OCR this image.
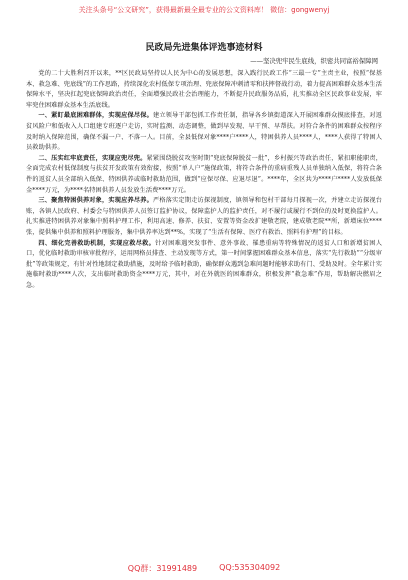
关注头条号“公文研究”，获得最新最全最专业的公文资料库！ 微信：gongwenyj
民政局先进集体评选事迹材料
——坚决兜牢民生底线，织密共同富裕保障网

党的二十大胜利召开以来，**区民政局坚持以人民为中心的发展思想，深入践行民政工作“三最一专”主责主业，按照“保基本、救急难、兜底线”的工作思路，持续深化农村低保专项治理、兜底保障冲刺清零和扶摔督战行动，着力提高困难群众基本生活保障水平，坚决扛起兜底保障政治责任，全面增强民政社会治理能力，不断提升民政服务品质，扎实推动全区民政事业发展，牢牢兜住困难群众基本生活底线。

一、紧盯最底困难群体，实现应保尽保。建立领导干部包抓工作责任制，指导各乡镇街道深入开展困难群众摸底排查，对返贫风险户和低收入人口组建专班逐户走访，实时监测、动态调整，做到早发现、早干预、早帮扶。对符合条件的困难群众按程序及时纳入保障范围，确保不漏一户、不落一人。目前，全县低保对象****户****人，特困供养人员****人，****人获得了特困人员救助供养。

二、压实红牢底责任，实现应兜尽兜。紧紧围绕脱贫攻坚时期“兜底保障脱贫一批”，乡村振兴等政治责任，紧扣职能职责，全面完成农村低保制度与扶贫开发政策有效衔接，按照“单人户”施保政策，将符合条件的重病重残人员单独纳入低保，将符合条件的返贫人员全部纳入低保、特困供养或临时救助范围，做到“应保尽保、应退尽退”。****年，全区共为****户****人发放低保金****万元，为****名特困供养人员发放生活费****万元。

三、聚焦特困供养对象，实现应养尽养。严格落实定期走访探视制度，镇领导和包村干部每月探视一次，并建立走访探视台账，各镇人民政府、村委会与特困供养人员签订监护协议，保障监护人的监护责任，对不履行或履行不到位的及时更换监护人。扎实推进特困供养对象集中照料护理工作，利用高速、修养、扶贫、安置等资金改扩建敬老院，建成敬老院**所，新增床位****张，提供集中供养和照料护理服务，集中供养率达到**%，实现了“生活有保障、医疗有救治、照料有护理”的目标。

四、细化完善救助机制，实现应救尽救。针对困难遇突发事件、意外事故、罹患重病等特殊情况的返贫人口和新增贫困人口，优化临时救助审核审批程序，运用网格员排查、主动发现等方式，第一时间掌握困难群众基本信息，落实“先行救助”“分级审批”等政策规定，有针对性地制定救助措施，及时给予临时救助，确保群众遇到急难问题时能够求助有门、受助及时。全年累计实施临时救助****人次，支出临时救助资金****万元，其中，对在外就医的困难群众，积极发挥“救急难”作用，帮助解决燃眉之急。

QQ群：31991489	QQ:535304092
